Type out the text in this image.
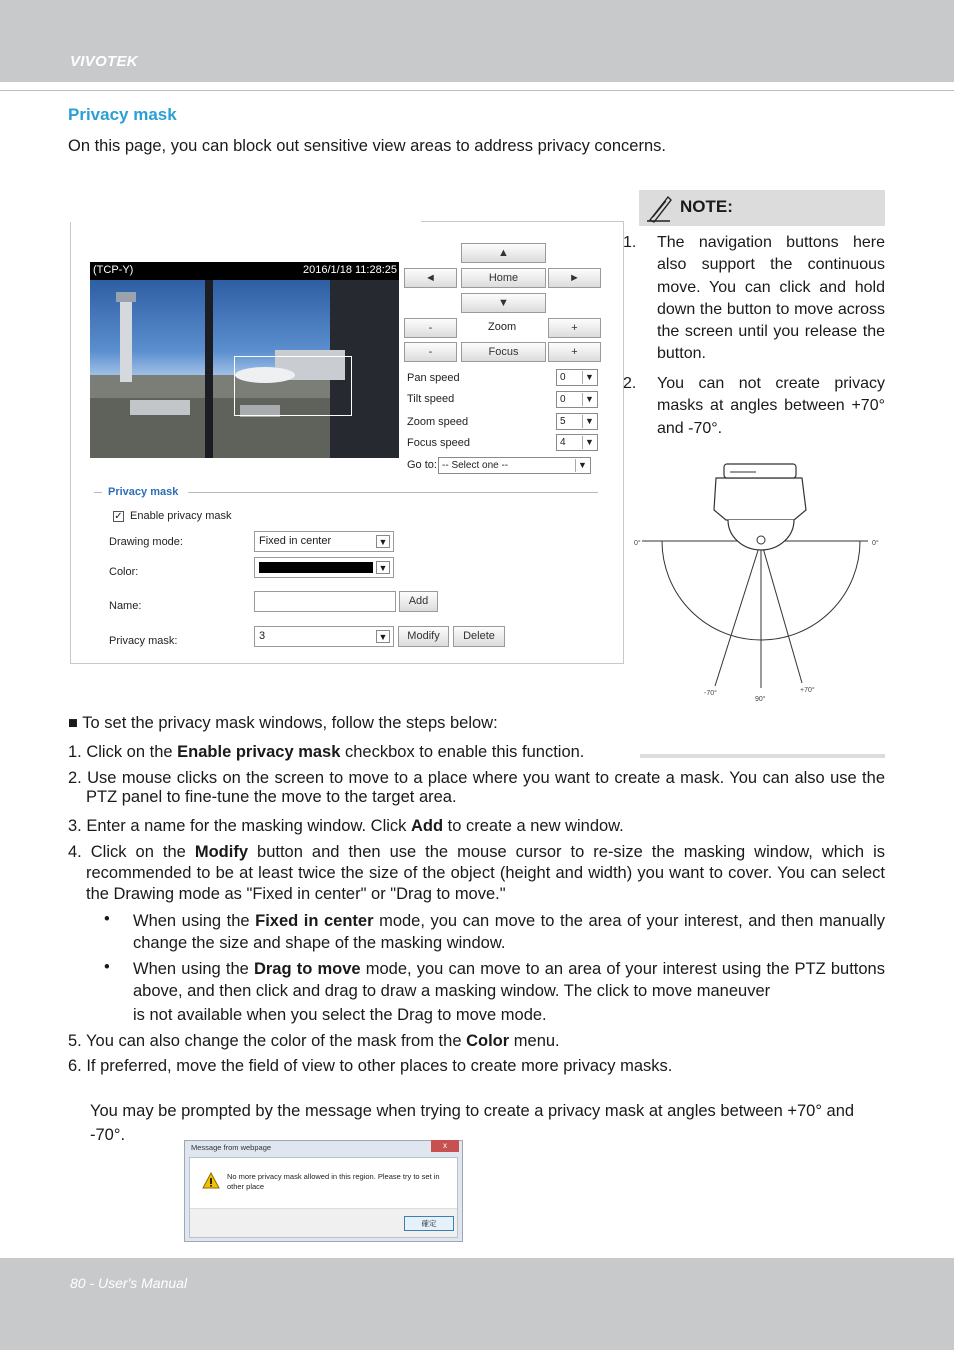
VIVOTEK
Privacy mask
On this page, you can block out sensitive view areas to address privacy concerns.
(TCP-Y)	2016/1/18 11:28:25
▲
◄	Home	►
▼
-	Zoom	+
-	Focus	+
Pan speed	0	▼
Tilt speed	0	▼
Zoom speed	5	▼
Focus speed	4	▼
Go to: -- Select one --	▼
Privacy mask
✓ Enable privacy mask
Drawing mode:	Fixed in center	▼
Color:	▼
Name:	Add
Privacy mask:	3	▼	Modify	Delete
NOTE:
1. The navigation buttons here also support the continuous move. You can click and hold down the button to move across the screen until you release the button.
2. You can not create privacy masks at angles between +70° and -70°.
0°	0°
-70°
90°
+70°
■ To set the privacy mask windows, follow the steps below:
1. Click on the Enable privacy mask checkbox to enable this function.
2. Use mouse clicks on the screen to move to a place where you want to create a mask. You can also use the PTZ panel to fine-tune the move to the target area.
3. Enter a name for the masking window. Click Add to create a new window.
4. Click on the Modify button and then use the mouse cursor to re-size the masking window, which is recommended to be at least twice the size of the object (height and width) you want to cover. You can select the Drawing mode as "Fixed in center" or "Drag to move."
• When using the Fixed in center mode, you can move to the area of your interest, and then manually change the size and shape of the masking window.
• When using the Drag to move mode, you can move to an area of your interest using the PTZ buttons above, and then click and drag to draw a masking window. The click to move maneuver
is not available when you select the Drag to move mode.
5. You can also change the color of the mask from the Color menu.
6. If preferred, move the field of view to other places to create more privacy masks.
You may be prompted by the message when trying to create a privacy mask at angles between +70° and -70°.
Message from webpage	x
No more privacy mask allowed in this region. Please try to set in other place
確定
80 - User's Manual
